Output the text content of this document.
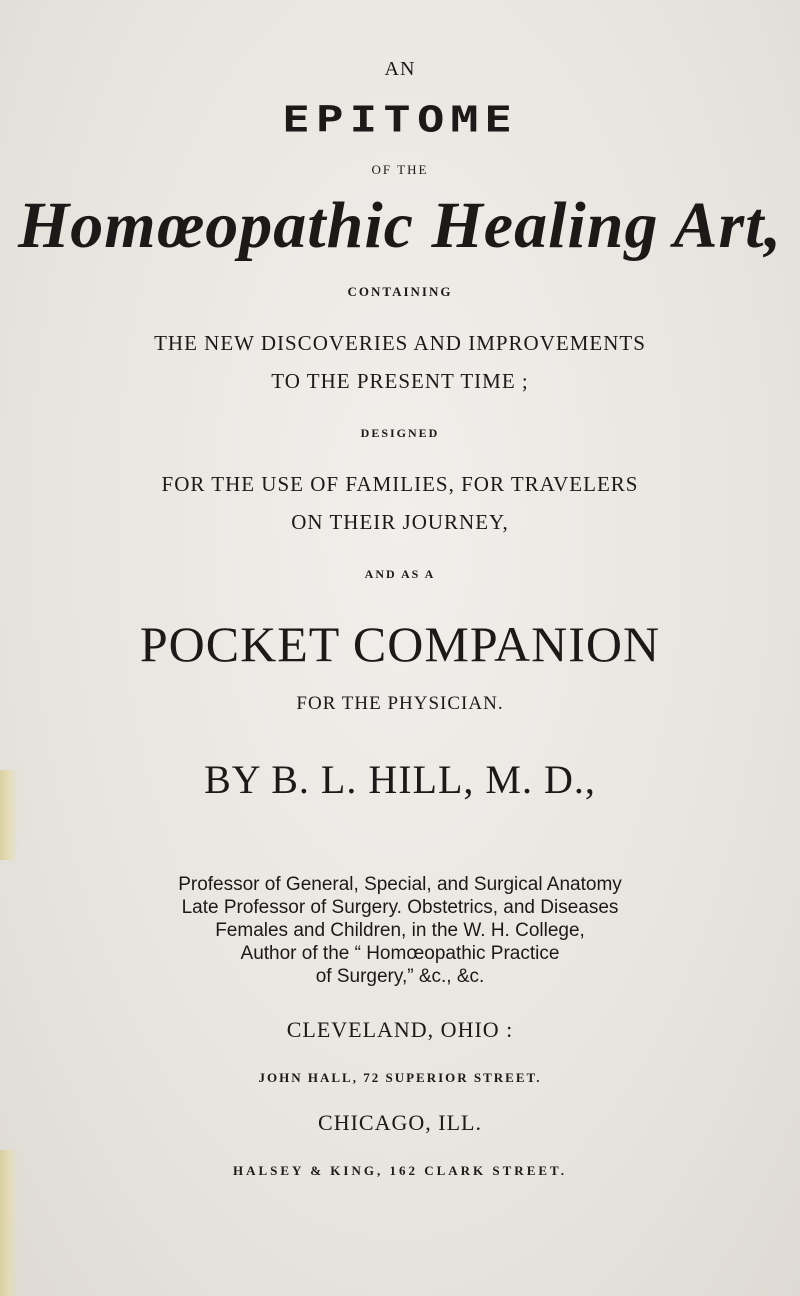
AN
EPITOME
OF THE
Homœopathic Healing Art,
CONTAINING
THE NEW DISCOVERIES AND IMPROVEMENTS
TO THE PRESENT TIME ;
DESIGNED
FOR THE USE OF FAMILIES, FOR TRAVELERS
ON THEIR JOURNEY,
AND AS A
POCKET COMPANION
FOR THE PHYSICIAN.
BY B. L. HILL, M. D.,
Professor of General, Special, and Surgical Anatomy
Late Professor of Surgery. Obstetrics, and Diseases
Females and Children, in the W. H. College,
Author of the “ Homœopathic Practice
of Surgery,” &c., &c.
CLEVELAND, OHIO :
JOHN HALL, 72 SUPERIOR STREET.
CHICAGO, ILL.
HALSEY & KING, 162 CLARK STREET.
